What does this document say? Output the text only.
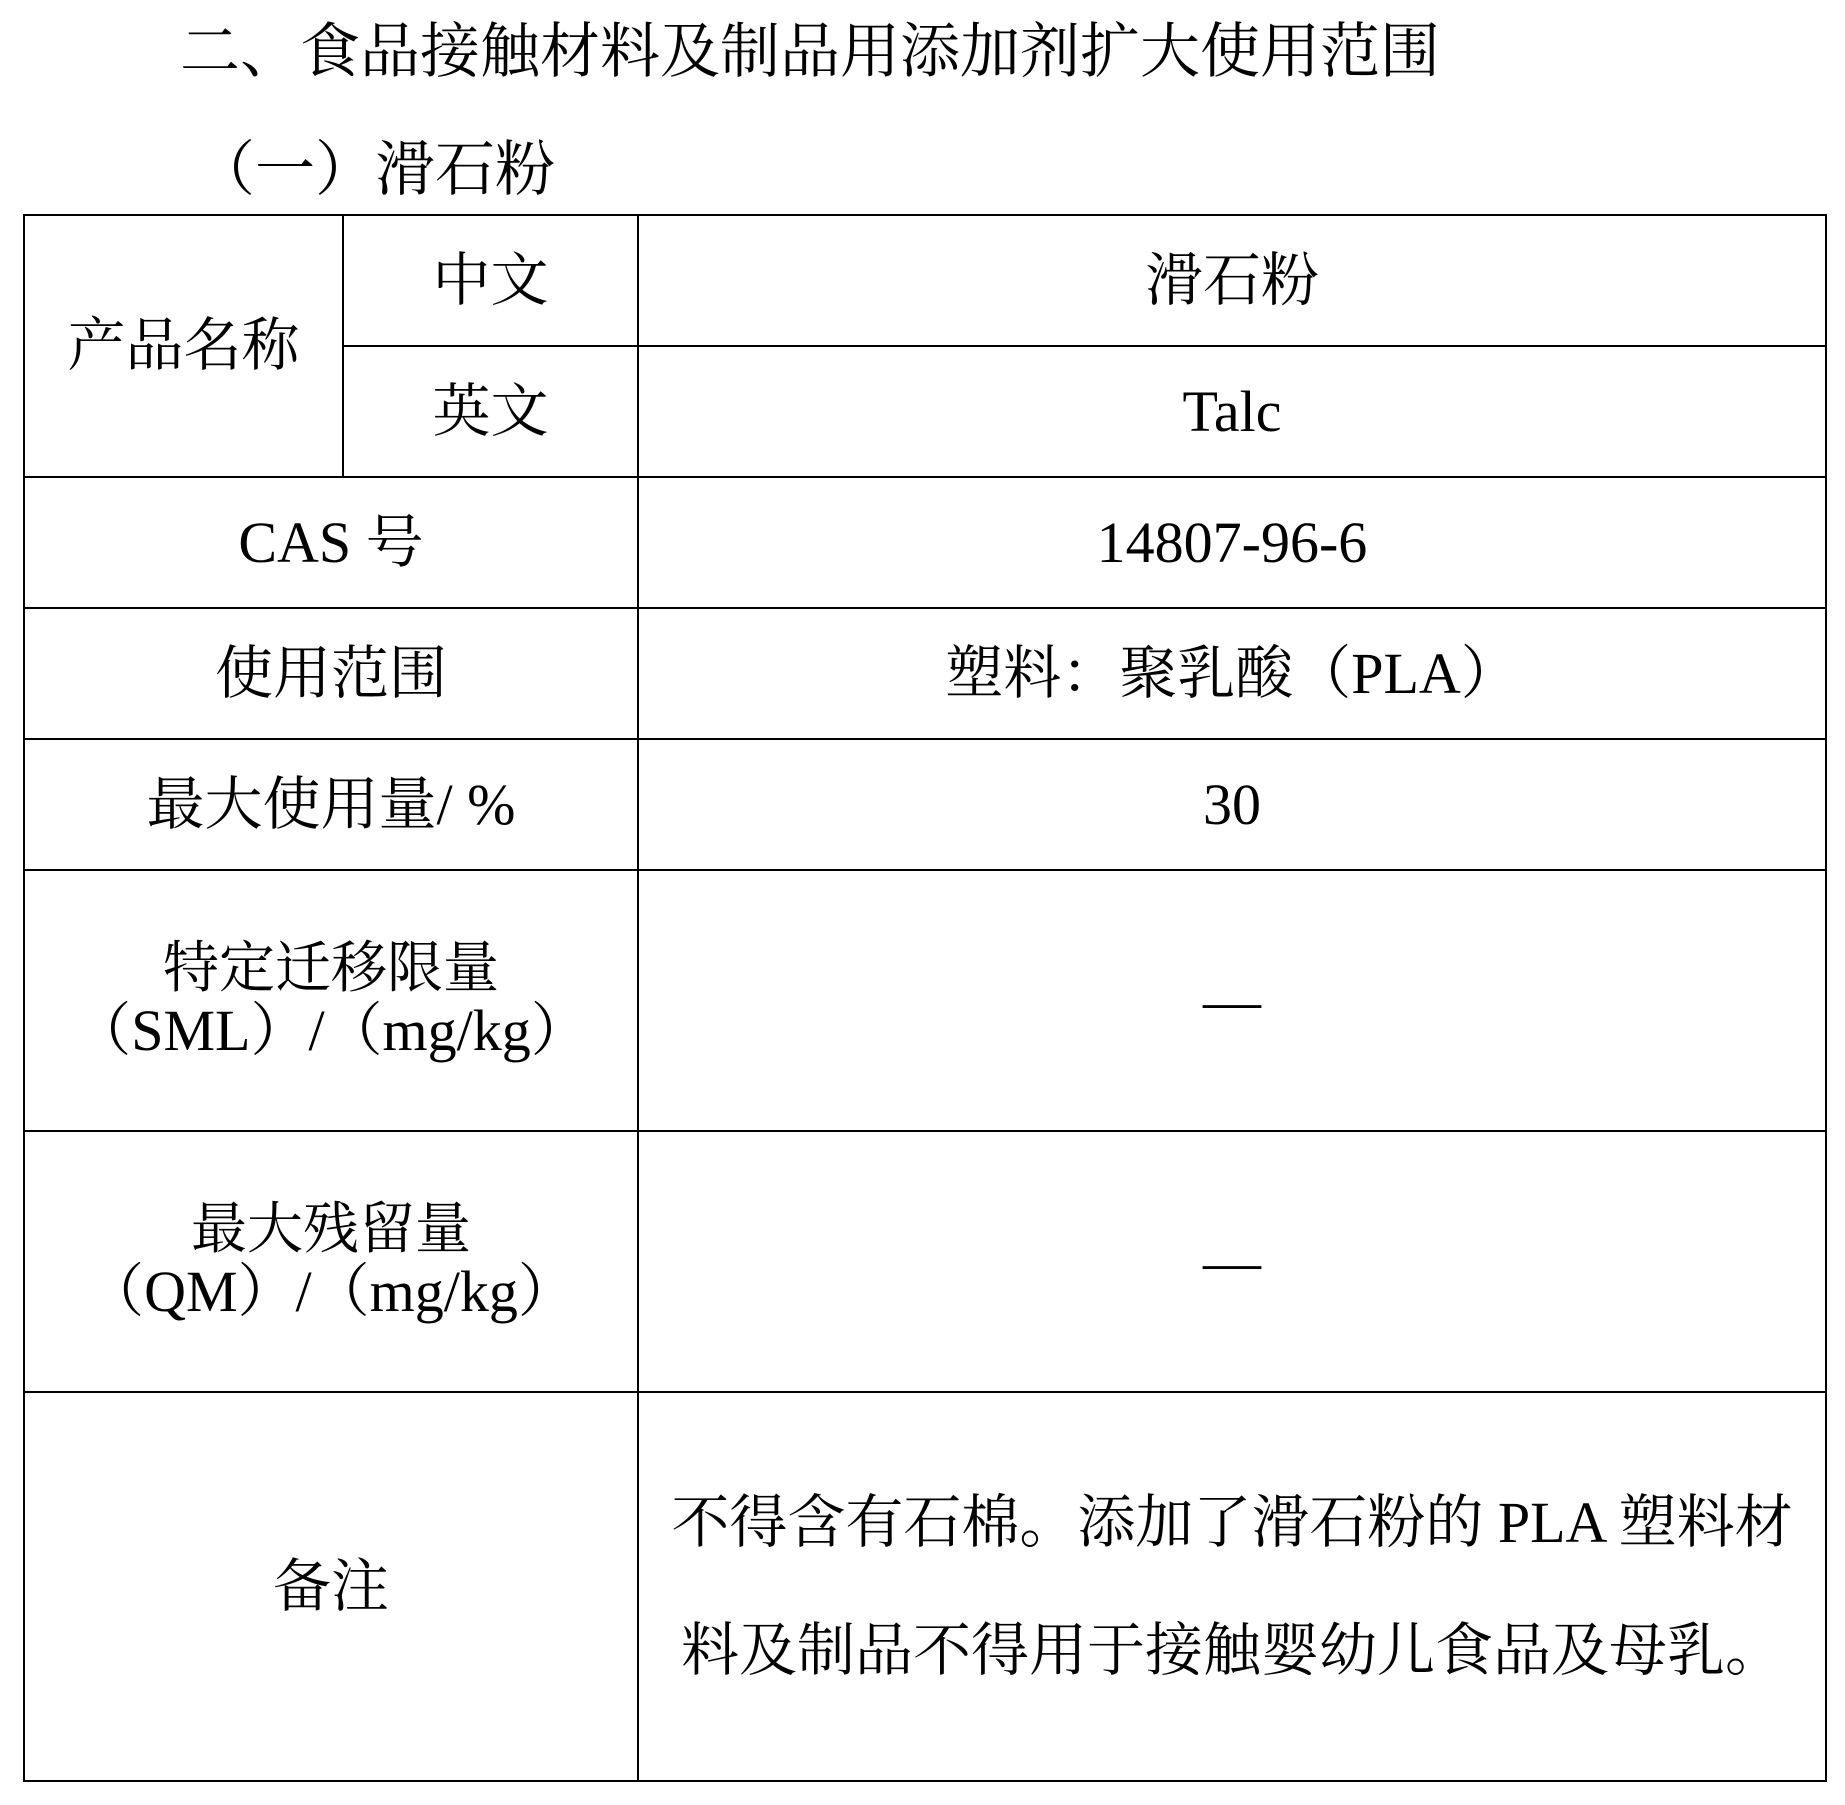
二、食品接触材料及制品用添加剂扩大使用范围
（一）滑石粉
产品名称	中文	滑石粉
	英文	Talc
CAS 号		14807-96-6
使用范围		塑料：聚乳酸（PLA）
最大使用量/ %		30

特定迁移限量
（SML）/（mg/kg）		—

最大残留量
（QM）/（mg/kg）		—
备注		不得含有石棉。添加了滑石粉的 PLA 塑料材料及制品不得用于接触婴幼儿食品及母乳。
